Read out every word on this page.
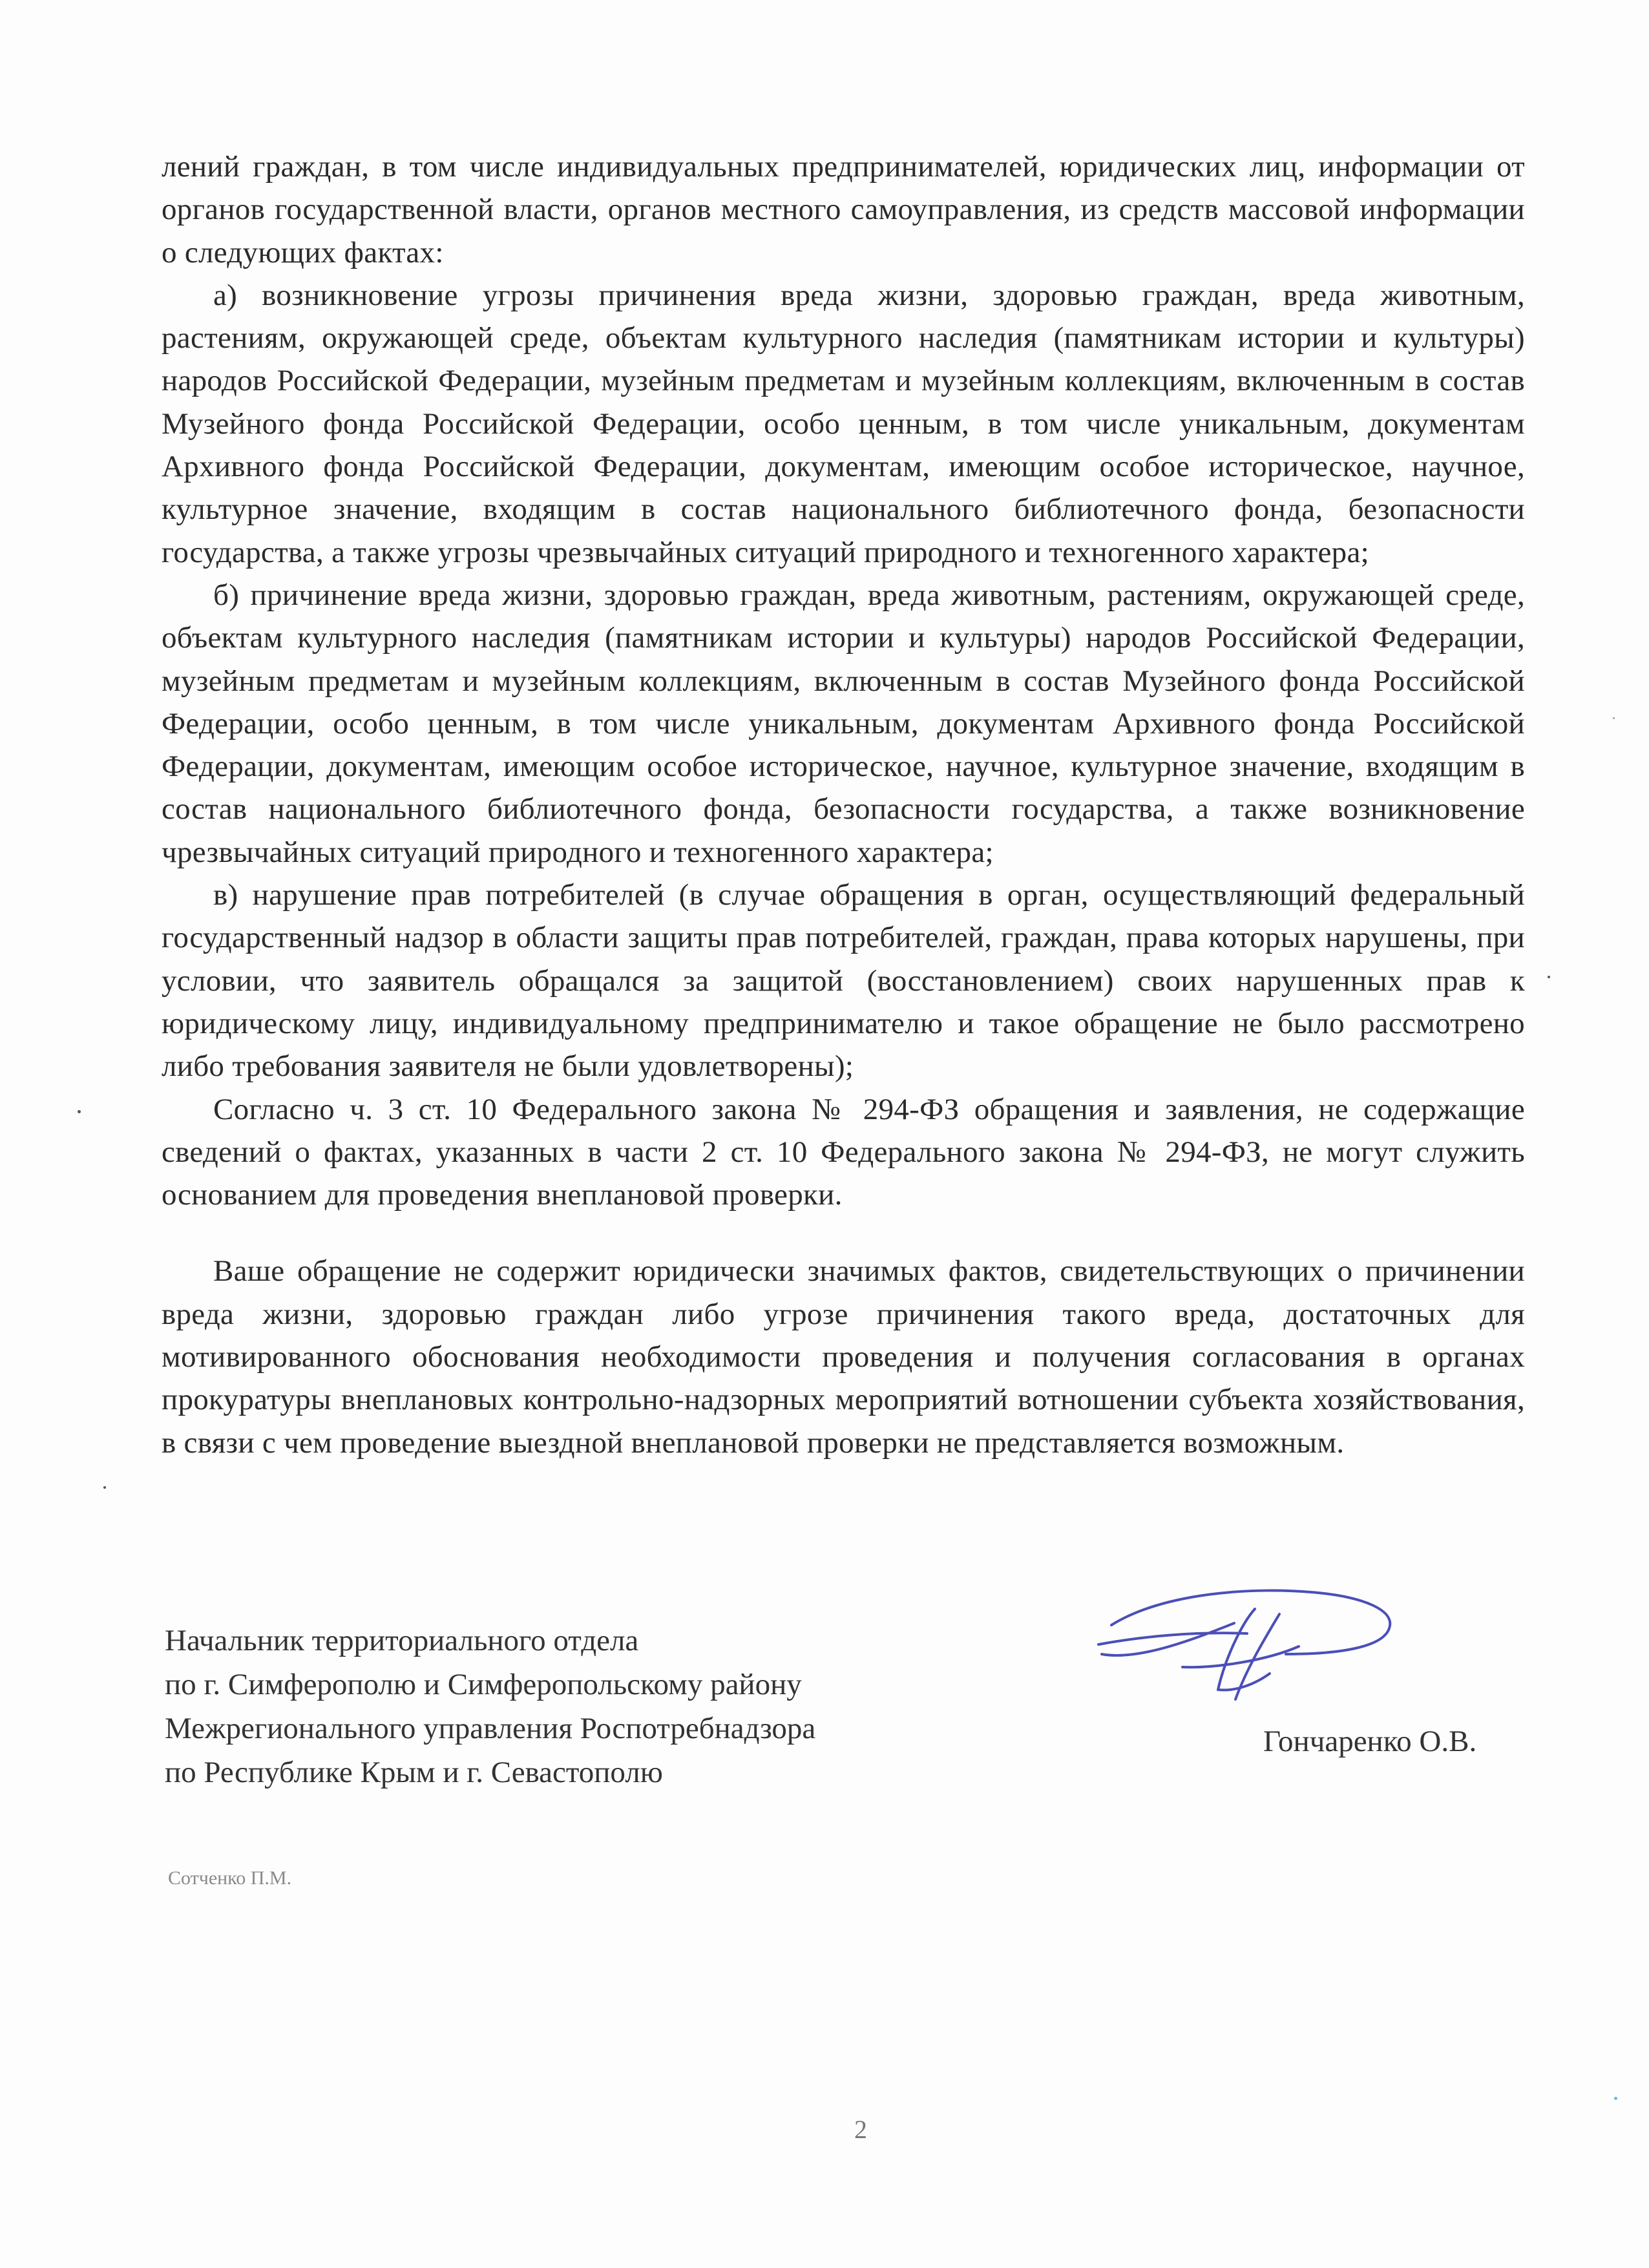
лений граждан, в том числе индивидуальных предпринимателей, юридических лиц, информации от органов государственной власти, органов местного самоуправления, из средств массовой информации о следующих фактах:

а) возникновение угрозы причинения вреда жизни, здоровью граждан, вреда животным, растениям, окружающей среде, объектам культурного наследия (памятникам истории и культуры) народов Российской Федерации, музейным предметам и музейным коллекциям, включенным в состав Музейного фонда Российской Федерации, особо ценным, в том числе уникальным, документам Архивного фонда Российской Федерации, документам, имеющим особое историческое, научное, культурное значение, входящим в состав национального библиотечного фонда, безопасности государства, а также угрозы чрезвычайных ситуаций природного и техногенного характера;

б) причинение вреда жизни, здоровью граждан, вреда животным, растениям, окружающей среде, объектам культурного наследия (памятникам истории и культуры) народов Российской Федерации, музейным предметам и музейным коллекциям, включенным в состав Музейного фонда Российской Федерации, особо ценным, в том числе уникальным, документам Архивного фонда Российской Федерации, документам, имеющим особое историческое, научное, культурное значение, входящим в состав национального библиотечного фонда, безопасности государства, а также возникновение чрезвычайных ситуаций природного и техногенного характера;

в) нарушение прав потребителей (в случае обращения в орган, осуществляющий федеральный государственный надзор в области защиты прав потребителей, граждан, права которых нарушены, при условии, что заявитель обращался за защитой (восстановлением) своих нарушенных прав к юридическому лицу, индивидуальному предпринимателю и такое обращение не было рассмотрено либо требования заявителя не были удовлетворены);

Согласно ч. 3 ст. 10 Федерального закона № 294-ФЗ обращения и заявления, не содержащие сведений о фактах, указанных в части 2 ст. 10 Федерального закона № 294-ФЗ, не могут служить основанием для проведения внеплановой проверки.

Ваше обращение не содержит юридически значимых фактов, свидетельствующих о причинении вреда жизни, здоровью граждан либо угрозе причинения такого вреда, достаточных для мотивированного обоснования необходимости проведения и получения согласования в органах прокуратуры внеплановых контрольно-надзорных мероприятий вотношении субъекта хозяйствования, в связи с чем проведение выездной внеплановой проверки не представляется возможным.

Начальник территориального отдела
по г. Симферополю и Симферопольскому району
Межрегионального управления Роспотребнадзора
по Республике Крым и г. Севастополю
Гончаренко О.В.
Сотченко П.М.
2
